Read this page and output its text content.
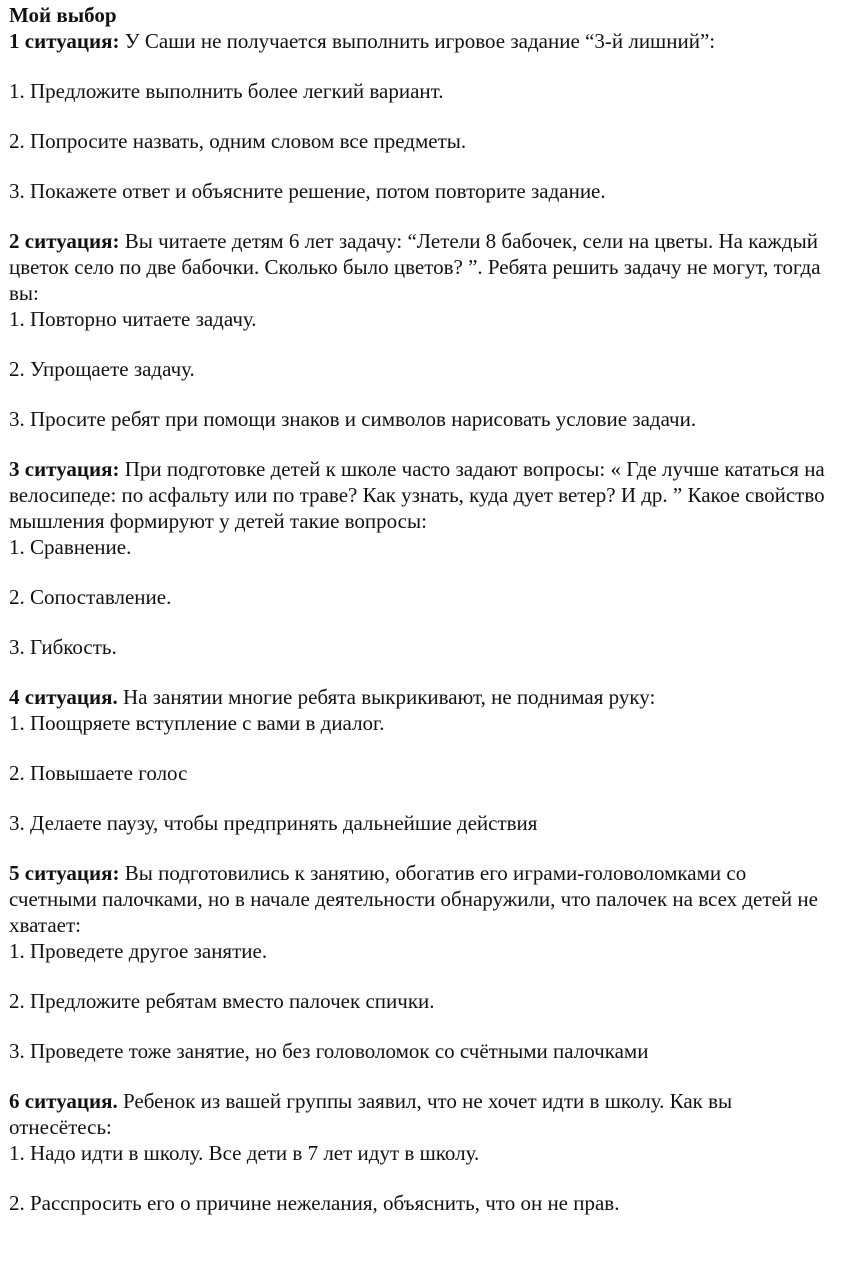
Мой выбор

1 ситуация: У Саши не получается выполнить игровое задание “3-й лишний”:

1. Предложите выполнить более легкий вариант.
2. Попросите назвать, одним словом все предметы.
3. Покажете ответ и объясните решение, потом повторите задание.

2 ситуация: Вы читаете детям 6 лет задачу: “Летели 8 бабочек, сели на цветы. На каждый цветок село по две бабочки. Сколько было цветов? ”. Ребята решить задачу не могут, тогда вы:

1. Повторно читаете задачу.
2. Упрощаете задачу.
3. Просите ребят при помощи знаков и символов нарисовать условие задачи.

3 ситуация: При подготовке детей к школе часто задают вопросы: « Где лучше кататься на велосипеде: по асфальту или по траве? Как узнать, куда дует ветер? И др. ” Какое свойство мышления формируют у детей такие вопросы:

1. Сравнение.
2. Сопоставление.
3. Гибкость.

4 ситуация. На занятии многие ребята выкрикивают, не поднимая руку:

1. Поощряете вступление с вами в диалог.
2. Повышаете голос
3. Делаете паузу, чтобы предпринять дальнейшие действия

5 ситуация: Вы подготовились к занятию, обогатив его играми-головоломками со счетными палочками, но в начале деятельности обнаружили, что палочек на всех детей не хватает:

1. Проведете другое занятие.
2. Предложите ребятам вместо палочек спички.
3. Проведете тоже занятие, но без головоломок со счётными палочками

6 ситуация. Ребенок из вашей группы заявил, что не хочет идти в школу. Как вы отнесётесь:

1. Надо идти в школу. Все дети в 7 лет идут в школу.
2. Расспросить его о причине нежелания, объяснить, что он не прав.
